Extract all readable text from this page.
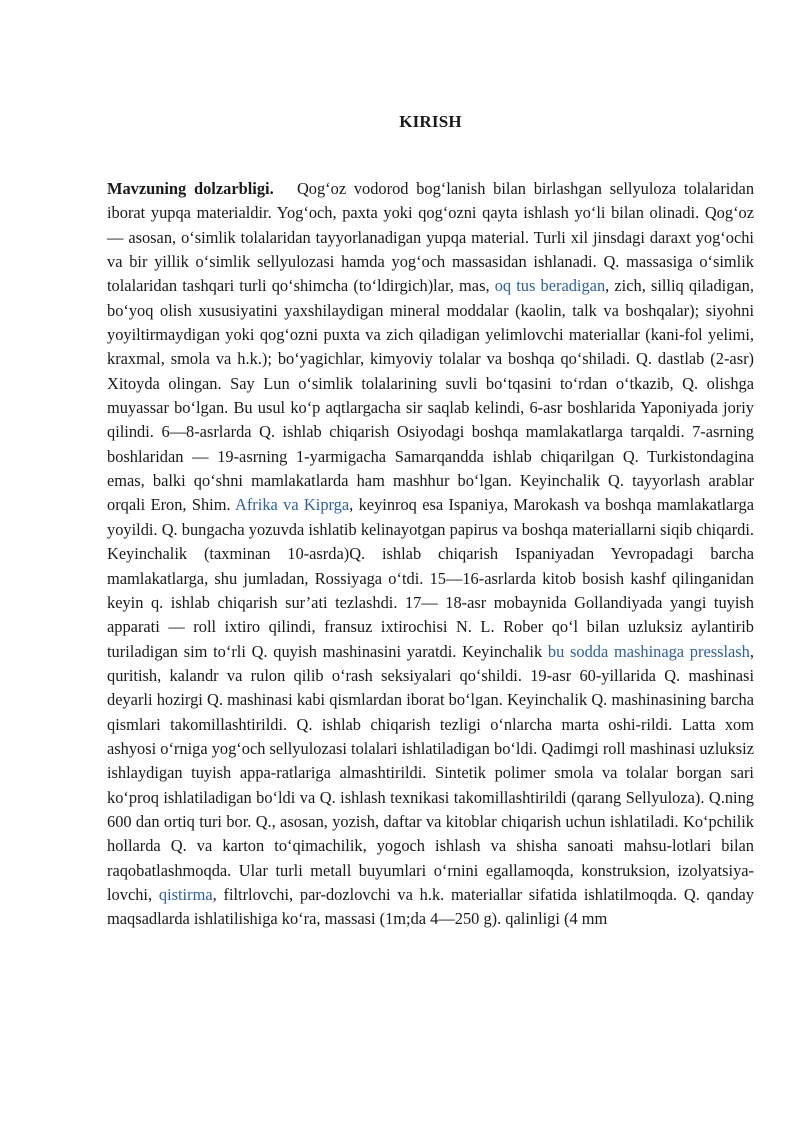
KIRISH

Mavzuning dolzarbligi. Qog‘oz vodorod bog‘lanish bilan birlashgan sellyuloza tolalaridan iborat yupqa materialdir. Yog‘och, paxta yoki qog‘ozni qayta ishlash yo‘li bilan olinadi. Qog‘oz — asosan, o‘simlik tolalaridan tayyorlanadigan yupqa material. Turli xil jinsdagi daraxt yog‘ochi va bir yillik o‘simlik sellyulozasi hamda yog‘och massasidan ishlanadi. Q. massasiga o‘simlik tolalaridan tashqari turli qo‘shimcha (to‘ldirgich)lar, mas, oq tus beradigan, zich, silliq qiladigan, bo‘yoq olish xususiyatini yaxshilaydigan mineral moddalar (kaolin, talk va boshqalar); siyohni yoyiltirmaydigan yoki qog‘ozni puxta va zich qiladigan yelimlovchi materiallar (kani-fol yelimi, kraxmal, smola va h.k.); bo‘yagichlar, kimyoviy tolalar va boshqa qo‘shiladi. Q. dastlab (2-asr) Xitoyda olingan. Say Lun o‘simlik tolalarining suvli bo‘tqasini to‘rdan o‘tkazib, Q. olishga muyassar bo‘lgan. Bu usul ko‘p aqtlargacha sir saqlab kelindi, 6-asr boshlarida Yaponiyada joriy qilindi. 6—8-asrlarda Q. ishlab chiqarish Osiyodagi boshqa mamlakatlarga tarqaldi. 7-asrning boshlaridan — 19-asrning 1-yarmigacha Samarqandda ishlab chiqarilgan Q. Turkistondagina emas, balki qo‘shni mamlakatlarda ham mashhur bo‘lgan. Keyinchalik Q. tayyorlash arablar orqali Eron, Shim. Afrika va Kiprga, keyinroq esa Ispaniya, Marokash va boshqa mamlakatlarga yoyildi. Q. bungacha yozuvda ishlatib kelinayotgan papirus va boshqa materiallarni siqib chiqardi. Keyinchalik (taxminan 10-asrda)Q. ishlab chiqarish Ispaniyadan Yevropadagi barcha mamlakatlarga, shu jumladan, Rossiyaga o‘tdi. 15—16-asrlarda kitob bosish kashf qilinganidan keyin q. ishlab chiqarish sur’ati tezlashdi. 17— 18-asr mobaynida Gollandiyada yangi tuyish apparati — roll ixtiro qilindi, fransuz ixtirochisi N. L. Rober qo‘l bilan uzluksiz aylantirib turiladigan sim to‘rli Q. quyish mashinasini yaratdi. Keyinchalik bu sodda mashinaga presslash, quritish, kalandr va rulon qilib o‘rash seksiyalari qo‘shildi. 19-asr 60-yillarida Q. mashinasi deyarli hozirgi Q. mashinasi kabi qismlardan iborat bo‘lgan. Keyinchalik Q. mashinasining barcha qismlari takomillashtirildi. Q. ishlab chiqarish tezligi o‘nlarcha marta oshi-rildi. Latta xom ashyosi o‘rniga yog‘och sellyulozasi tolalari ishlatiladigan bo‘ldi. Qadimgi roll mashinasi uzluksiz ishlaydigan tuyish appa-ratlariga almashtirildi. Sintetik polimer smola va tolalar borgan sari ko‘proq ishlatiladigan bo‘ldi va Q. ishlash texnikasi takomillashtirildi (qarang Sellyuloza). Q.ning 600 dan ortiq turi bor. Q., asosan, yozish, daftar va kitoblar chiqarish uchun ishlatiladi. Ko‘pchilik hollarda Q. va karton to‘qimachilik, yogoch ishlash va shisha sanoati mahsu-lotlari bilan raqobatlashmoqda. Ular turli metall buyumlari o‘rnini egallamoqda, konstruksion, izolyatsiya-lovchi, qistirma, filtrlovchi, par-dozlovchi va h.k. materiallar sifatida ishlatilmoqda. Q. qanday maqsadlarda ishlatilishiga ko‘ra, massasi (1m;da 4—250 g). qalinligi (4 mm
